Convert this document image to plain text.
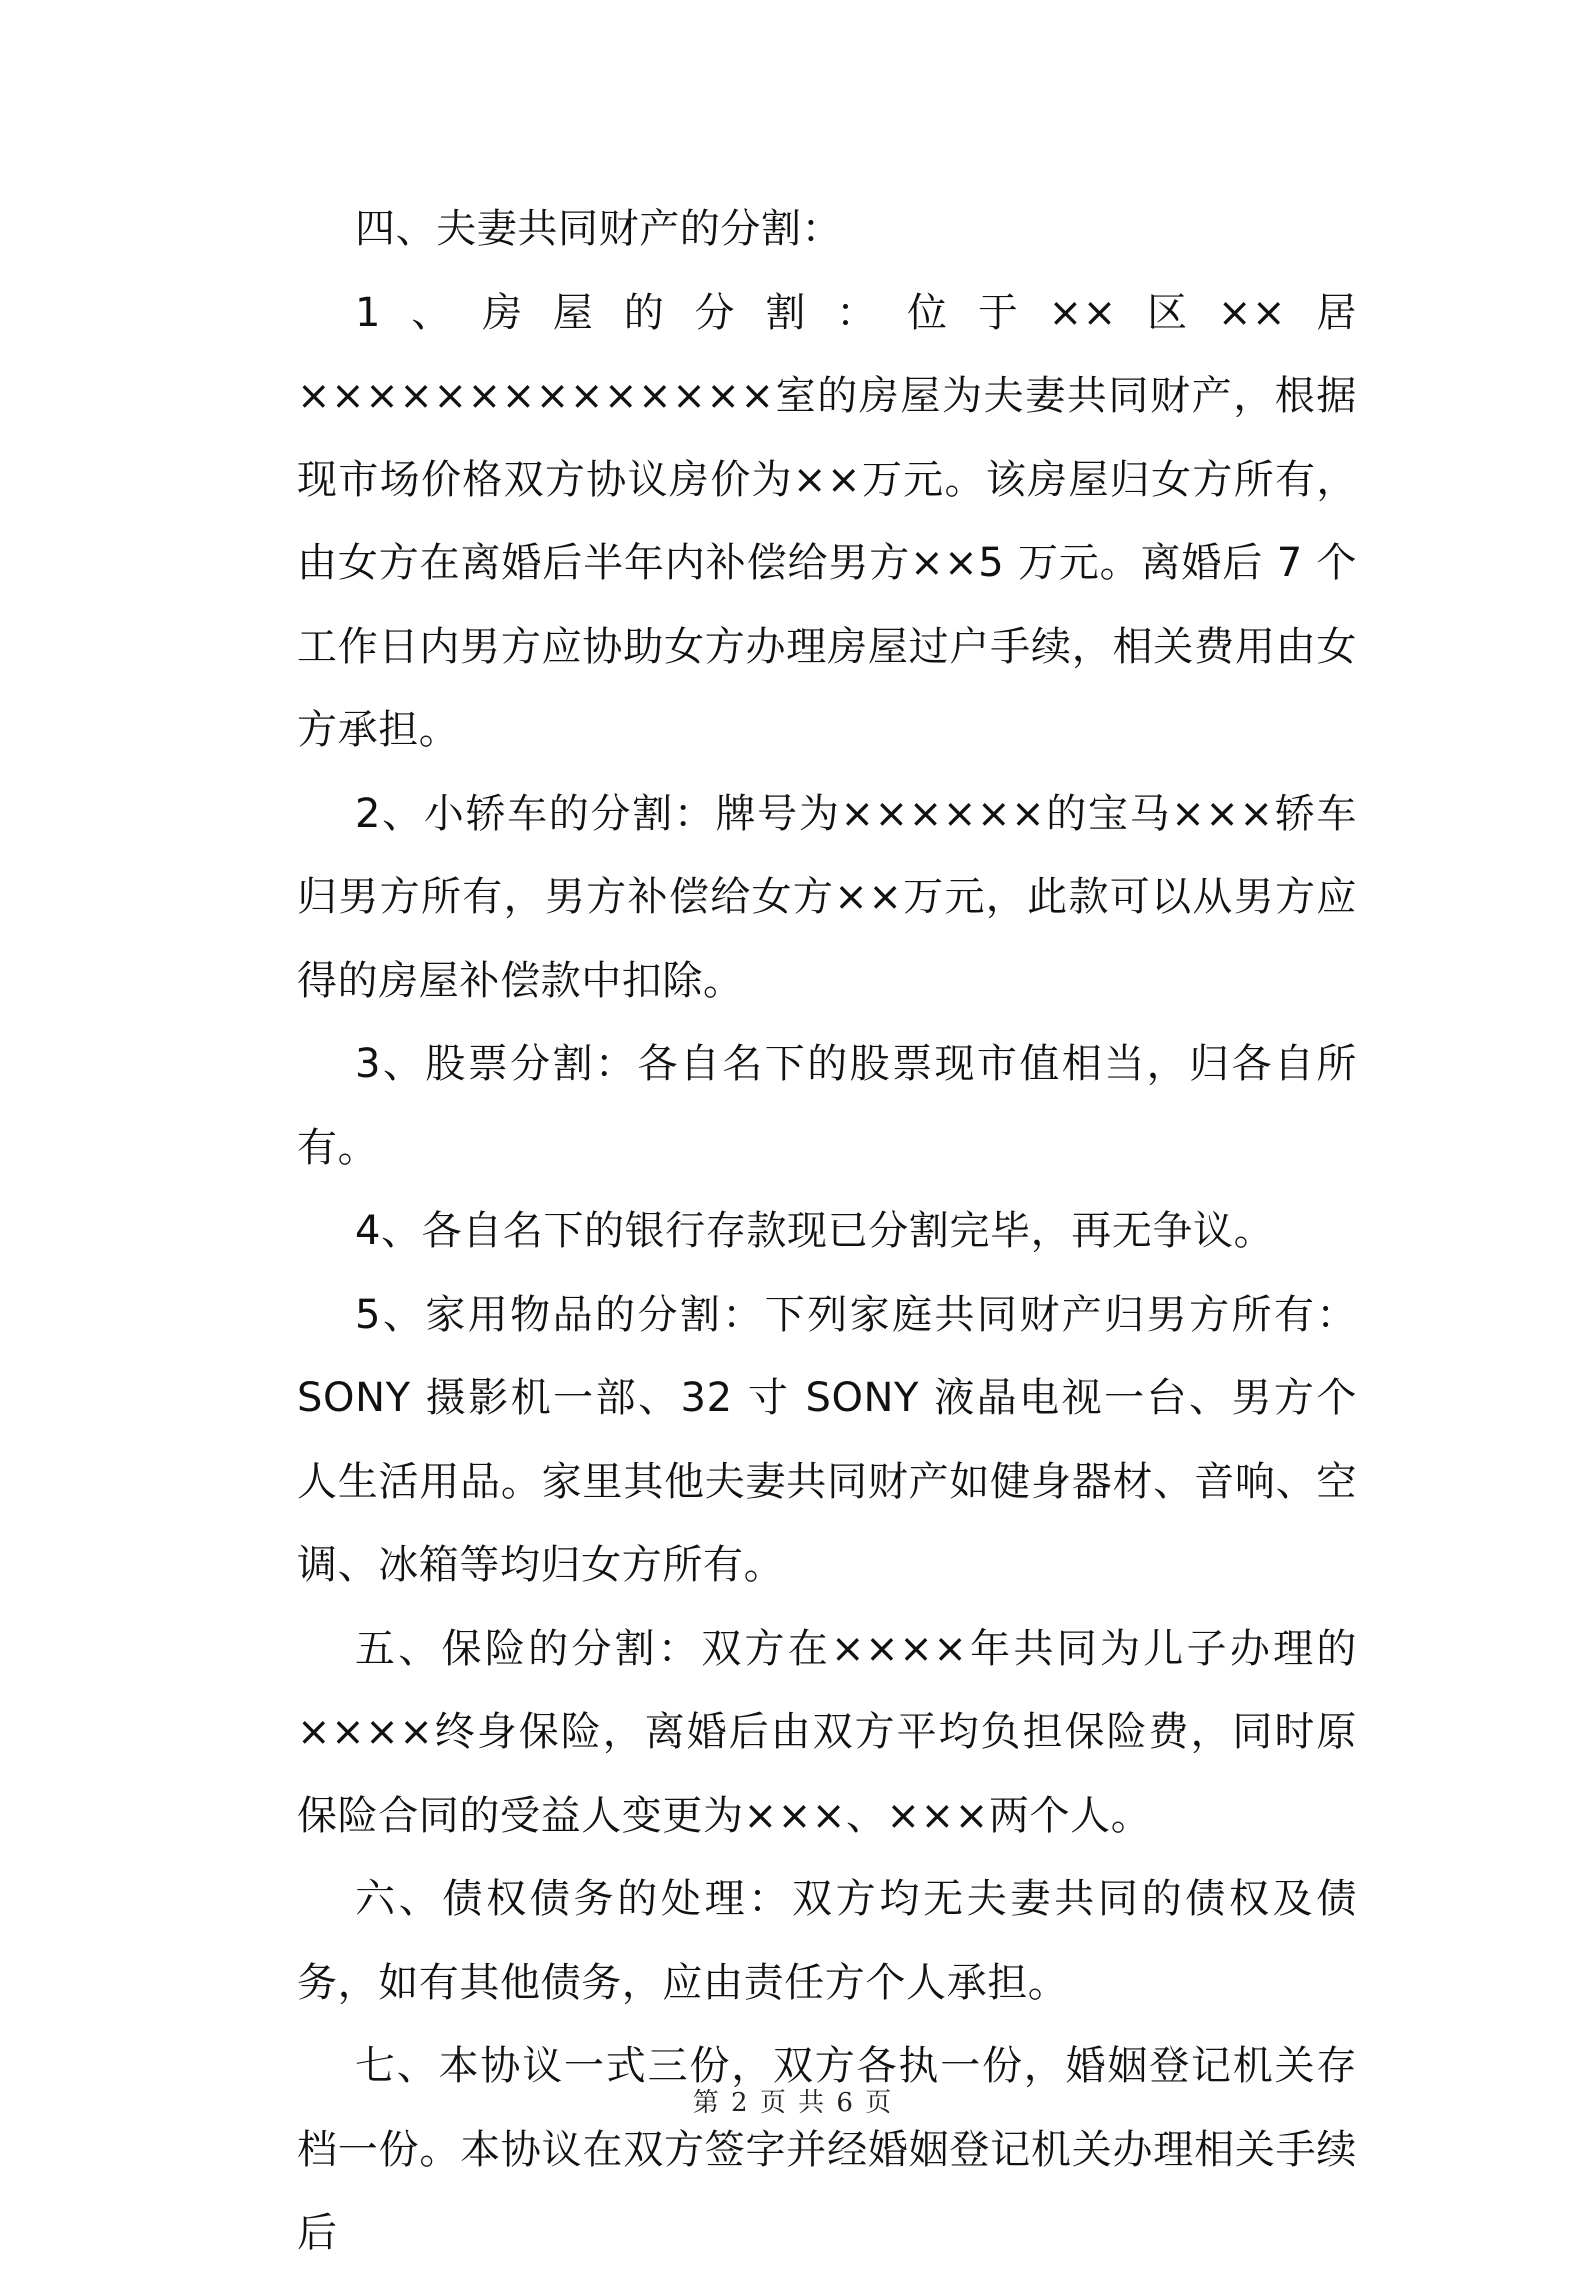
四、夫妻共同财产的分割：

1、房屋的分割：位于××区××居××××××××××××××室的房屋为夫妻共同财产，根据现市场价格双方协议房价为××万元。该房屋归女方所有，由女方在离婚后半年内补偿给男方××5 万元。离婚后 7 个工作日内男方应协助女方办理房屋过户手续，相关费用由女方承担。

2、小轿车的分割：牌号为××××××的宝马×××轿车归男方所有，男方补偿给女方××万元，此款可以从男方应得的房屋补偿款中扣除。

3、股票分割：各自名下的股票现市值相当，归各自所有。

4、各自名下的银行存款现已分割完毕，再无争议。

5、家用物品的分割：下列家庭共同财产归男方所有：SONY 摄影机一部、32 寸 SONY 液晶电视一台、男方个人生活用品。家里其他夫妻共同财产如健身器材、音响、空调、冰箱等均归女方所有。

五、保险的分割：双方在××××年共同为儿子办理的××××终身保险，离婚后由双方平均负担保险费，同时原保险合同的受益人变更为×××、×××两个人。

六、债权债务的处理：双方均无夫妻共同的债权及债务，如有其他债务，应由责任方个人承担。

七、本协议一式三份，双方各执一份，婚姻登记机关存档一份。本协议在双方签字并经婚姻登记机关办理相关手续后

第 2 页 共 6 页
